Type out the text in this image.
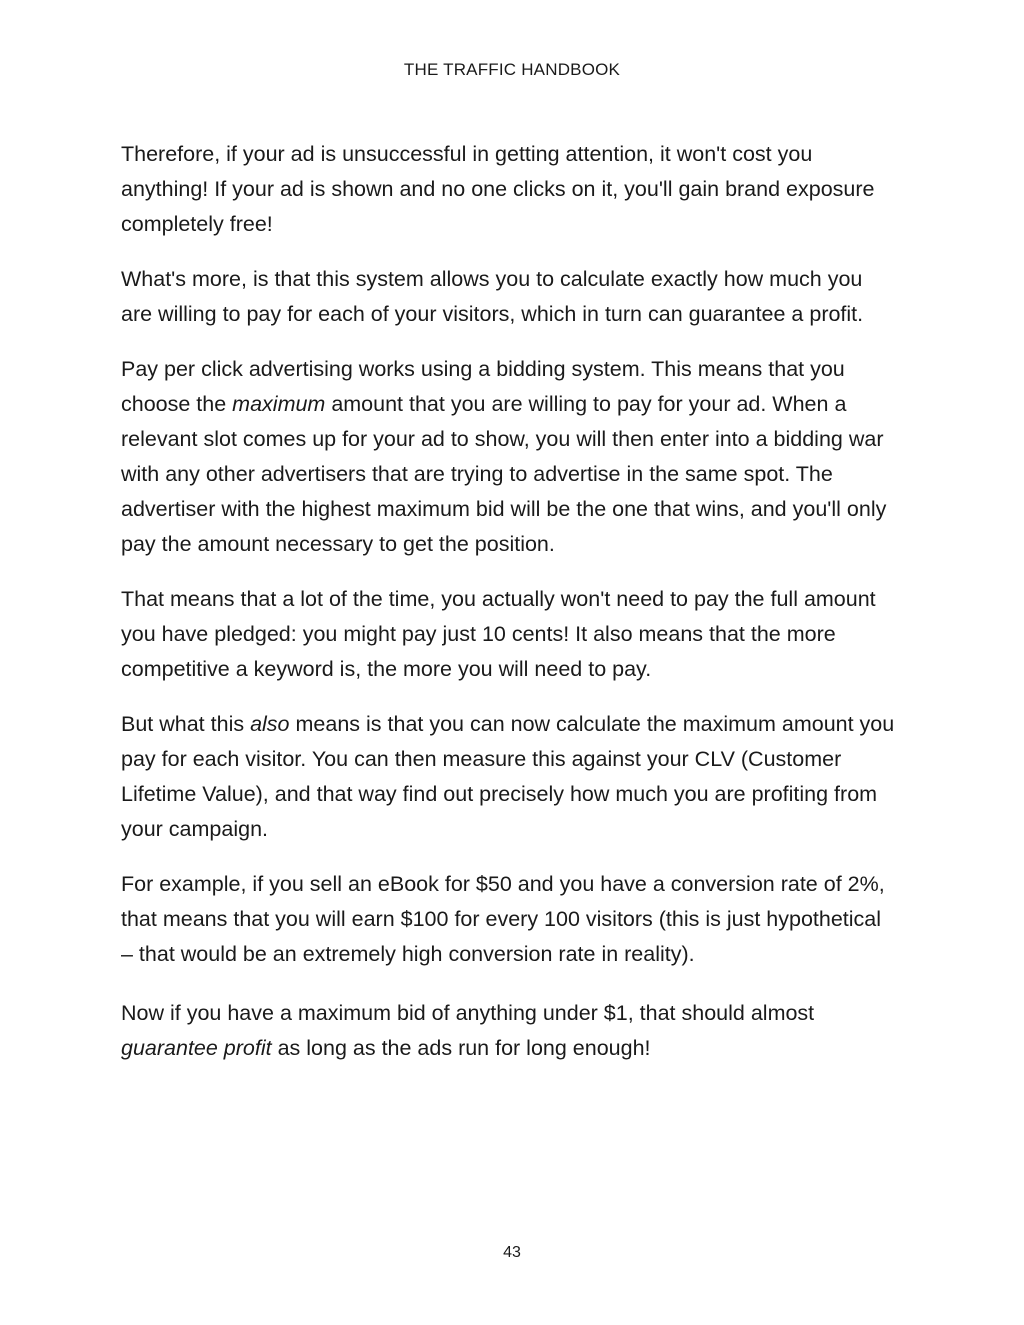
THE TRAFFIC HANDBOOK

Therefore, if your ad is unsuccessful in getting attention, it won't cost you anything! If your ad is shown and no one clicks on it, you'll gain brand exposure completely free!

What's more, is that this system allows you to calculate exactly how much you are willing to pay for each of your visitors, which in turn can guarantee a profit.

Pay per click advertising works using a bidding system. This means that you choose the maximum amount that you are willing to pay for your ad. When a relevant slot comes up for your ad to show, you will then enter into a bidding war with any other advertisers that are trying to advertise in the same spot. The advertiser with the highest maximum bid will be the one that wins, and you'll only pay the amount necessary to get the position.

That means that a lot of the time, you actually won't need to pay the full amount you have pledged: you might pay just 10 cents! It also means that the more competitive a keyword is, the more you will need to pay.

But what this also means is that you can now calculate the maximum amount you pay for each visitor. You can then measure this against your CLV (Customer Lifetime Value), and that way find out precisely how much you are profiting from your campaign.

For example, if you sell an eBook for $50 and you have a conversion rate of 2%, that means that you will earn $100 for every 100 visitors (this is just hypothetical – that would be an extremely high conversion rate in reality).

Now if you have a maximum bid of anything under $1, that should almost guarantee profit as long as the ads run for long enough!

43
